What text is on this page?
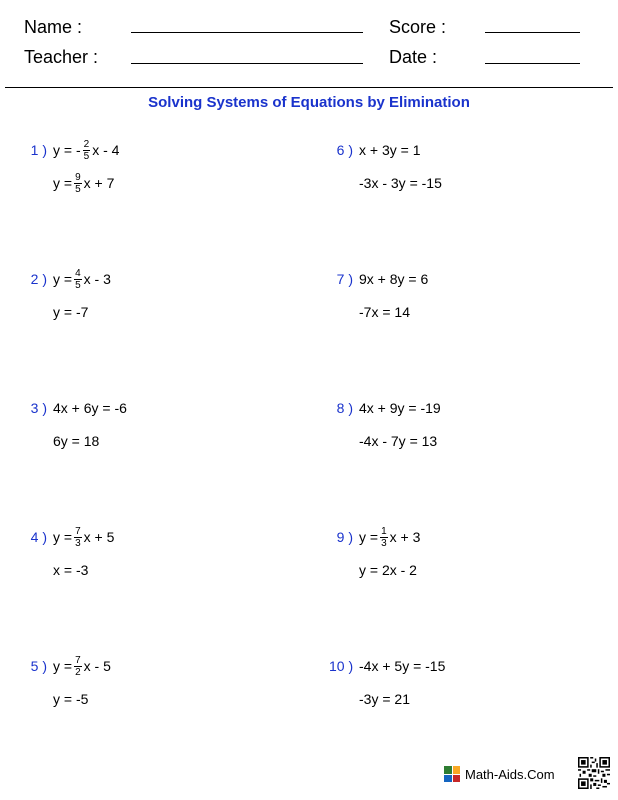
Name :
Teacher :
Score :
Date :
Solving Systems of Equations by Elimination
1 ) y = - $\frac{2}{5}$ x - 4
$y = \frac{9}{5}$ x + 7
2 ) $y = \frac{4}{5}$ x - 3
y = -7
3 ) 4x + 6y = -6
6y = 18
4 ) $y = \frac{7}{3}$ x + 5
x = -3
5 ) $y = \frac{7}{2}$ x - 5
y = -5
6 ) x + 3y = 1
-3x - 3y = -15
7 ) 9x + 8y = 6
-7x = 14
8 ) 4x + 9y = -19
-4x - 7y = 13
9 ) $y = \frac{1}{3}$ x + 3
y = 2x - 2
10 ) -4x + 5y = -15
-3y = 21
Math-Aids.Com
